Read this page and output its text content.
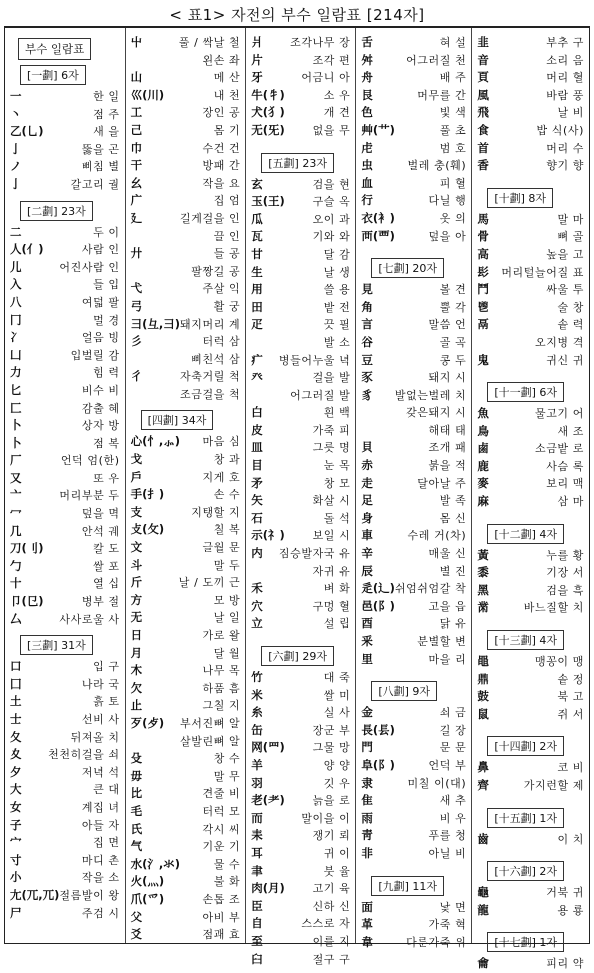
< 표1> 자전의 부수 일람표 [214자]
부수 일람표 [一劃] 6자
一	한 일
丶	점 주
乙(乚)	새 을
亅	뚫을 곤
ノ	삐침 별
亅	갈고리 궐
[二劃] 23자
二	두 이
人(亻)	사람 인
儿	어진사람 인
入	들 입
八	여덟 팔
冂	멀 경
冫	얼음 빙
凵	입벌릴 감
力	힘 력
匕	비수 비
匚	감출 혜
卜	상자 방
卜	점 복
厂	언덕 엄(한)
又	또 우
亠	머리부분 두
冖	덮을 멱
几	안석 궤
刀(刂)	칼 도
勹	쌀 포
十	열 십
卩(㔾)	병부 절
厶	사사로울 사
[三劃] 31자
口	입 구
囗	나라 국
土	흙 토
士	선비 사
夂	뒤져올 치
夊	천천히걸을 쇠
夕	저녁 석
大	큰 대
女	계집 녀
子	아들 자
宀	집 면
寸	마디 촌
小	작을 소
尢(兀,兀) 절름발이 왕
尸	주검 시
屮	풀 / 싹날 철
왼손 좌
山	메 산
巛(川)	내 천
工	장인 공
己	몸 기
巾	수건 건
干	방패 간
幺	작을 요
广	집 엄
廴	길게걸을 인
끌 인
廾	들 공
팔짱길 공
弋	주살 익
弓	활 궁
彐(彑,⺕) 돼지머리 계
彡	터럭 삼
삐친석 삼
彳	자축거릴 척
조금걸을 척
[四劃] 34자
心(忄,⺗)	마음 심
戈	창 과
戶	지게 호
手(扌)	손 수
支	지탱할 지
攴(攵)	칠 복
文	글월 문
斗	말 두
斤	날 / 도끼 근
方	모 방
无	날 일
日	가로 왈
月	달 월
木	나무 목
欠	하품 흠
止	그칠 지
歹(歺)	부서진뼈 알
살발린뼈 알
殳	창 수
毋	말 무
比	견줄 비
毛	터럭 모
氏	각시 씨
气	기운 기
水(氵,氺)	물 수
火(灬)	불 화
爪(爫)	손톱 조
父	아비 부
爻	점괘 효
爿	조각나무 장
片	조각 편
牙	어금니 아
牛(牜)	소 우
犬(犭)	개 견
无(旡)	없을 무
[五劃] 23자
玄	검을 현
玉(王)	구슬 옥
瓜	오이 과
瓦	기와 와
甘	달 감
生	날 생
用	쓸 용
田	밭 전
疋	끗 필
발 소
疒	병들어누울 녁
癶	걸을 발
어그러질 발
白	흰 백
皮	가죽 피
皿	그릇 명
目	눈 목
矛	창 모
矢	화살 시
石	돌 석
示(礻)	보일 시
内	짐승발자국 유
자귀 유
禾	벼 화
穴	구멍 혈
立	설 립
[六劃] 29자
竹	대 죽
米	쌀 미
糸	실 사
缶	장군 부
网(罒)	그물 망
羊	양 양
羽	깃 우
老(耂)	늙을 로
而	말이을 이
耒	쟁기 뢰
耳	귀 이
聿	붓 율
肉(月)	고기 육
臣	신하 신
自	스스로 자
至	이를 지
臼	절구 구
舌	혀 설
舛	어그러질 천
舟	배 주
艮	머무를 간
色	빛 색
艸(艹)	풀 초
虍	범 호
虫	벌레 충(훼)
血	피 혈
行	다닐 행
衣(衤)	옷 의
襾(覀)	덮을 아
[七劃] 20자
見	볼 견
角	뿔 각
言	말씀 언
谷	골 곡
豆	콩 두
豕	돼지 시
豸	발없는벌레 치
갖은돼지 시
해태 태
貝	조개 패
赤	붉을 적
走	달아날 주
足	발 족
身	몸 신
車	수레 거(차)
辛	매울 신
辰	별 진
辵(辶) 쉬엄쉬엄갈 착
邑(阝)	고을 읍
酉	닭 유
釆	분별할 변
里	마을 리
[八劃] 9자
金	쇠 금
長(镸)	길 장
門	문 문
阜(阝)	언덕 부
隶	미칠 이(대)
隹	새 추
雨	비 우
靑	푸를 청
非	아닐 비
[九劃] 11자
面	낯 면
革	가죽 혁
韋	다룬가죽 위
韭	부추 구
音	소리 음
頁	머리 혈
風	바람 풍
飛	날 비
食	밥 식(사)
首	머리 수
香	향기 향
[十劃] 8자
馬	말 마
骨	뼈 골
高	높을 고
髟	머리털늘어질 표
鬥	싸울 투
鬯	술 창
鬲	솥 력
오지병 격
鬼	귀신 귀
[十一劃] 6자
魚	물고기 어
鳥	새 조
鹵	소금밭 로
鹿	사슴 록
麥	보리 맥
麻	삼 마
[十二劃] 4자
黃	누를 황
黍	기장 서
黑	검을 흑
黹	바느질할 치
[十三劃] 4자
黽	맹꽁이 맹
鼎	솥 정
鼓	북 고
鼠	쥐 서
[十四劃] 2자
鼻	코 비
齊	가지런할 제
[十五劃] 1자
齒	이 치
[十六劃] 2자
龜	거북 귀
龍	용 룡
[十七劃] 1자
龠	피리 약
